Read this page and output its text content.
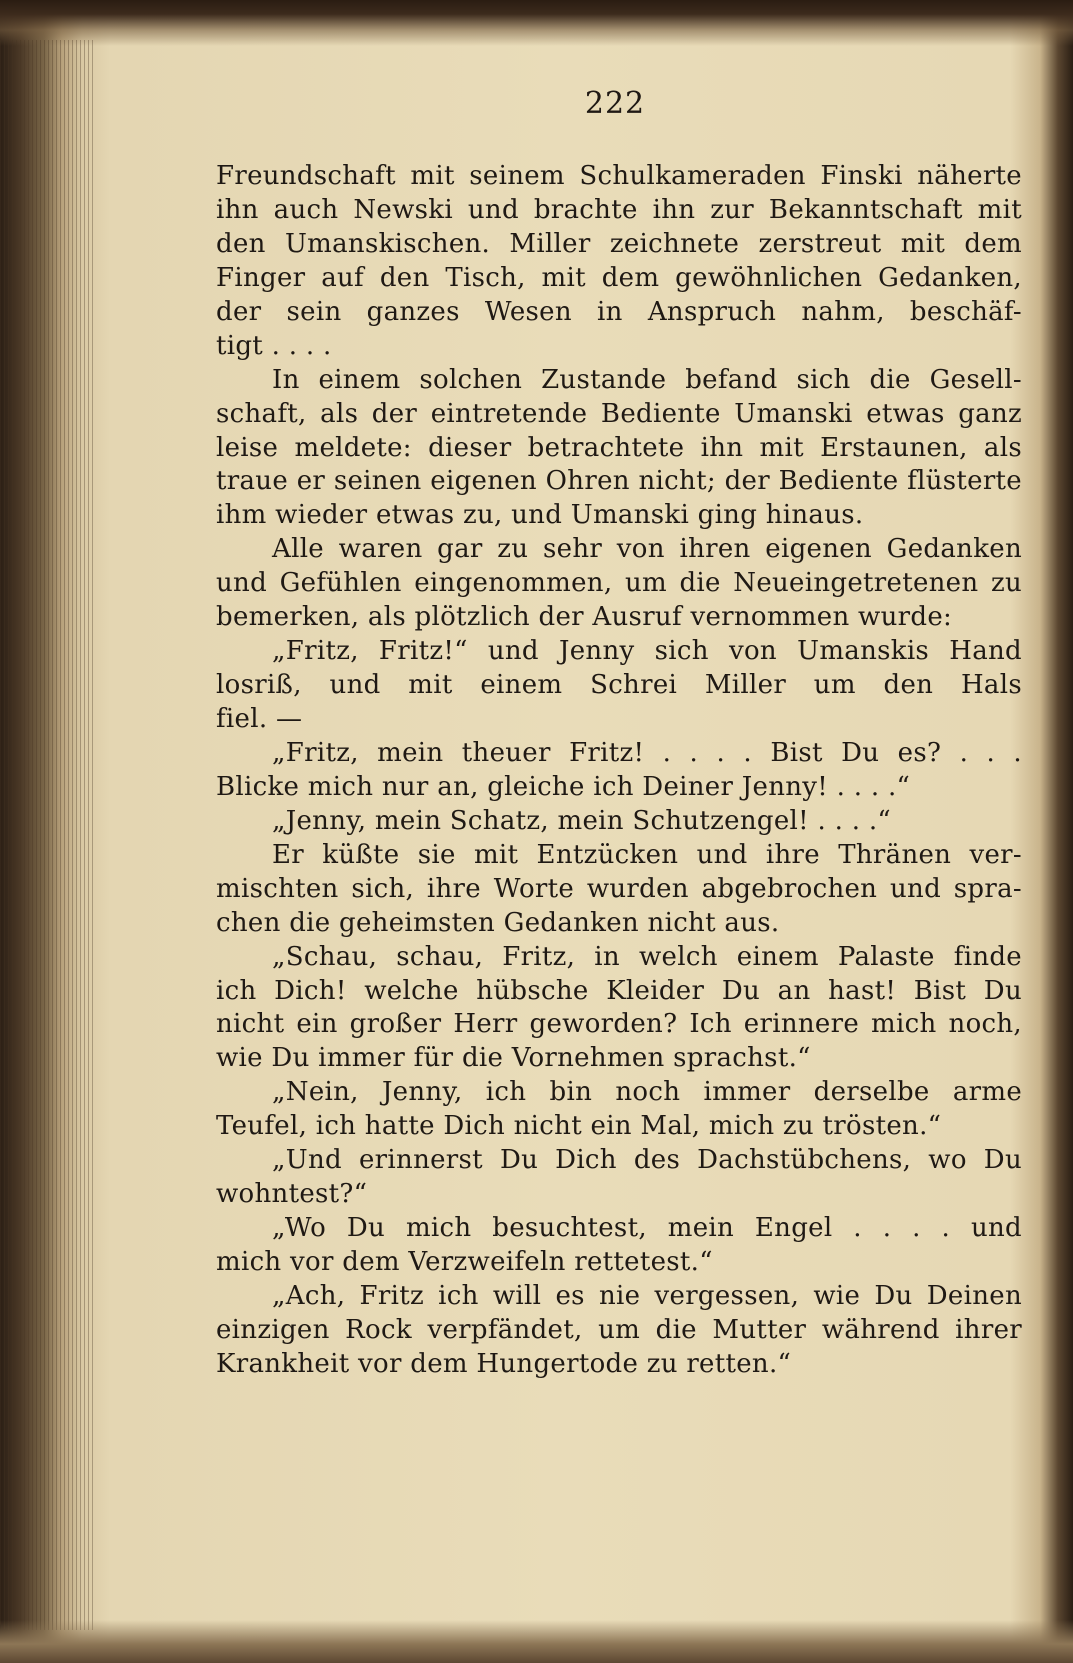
222
Freundschaft mit seinem Schulkameraden Finski näherte
ihn auch Newski und brachte ihn zur Bekanntschaft mit
den Umanskischen. Miller zeichnete zerstreut mit dem
Finger auf den Tisch, mit dem gewöhnlichen Gedanken,
der sein ganzes Wesen in Anspruch nahm, beschäf-
tigt . . . .
In einem solchen Zustande befand sich die Gesell-
schaft, als der eintretende Bediente Umanski etwas ganz
leise meldete: dieser betrachtete ihn mit Erstaunen, als
traue er seinen eigenen Ohren nicht; der Bediente flüsterte
ihm wieder etwas zu, und Umanski ging hinaus.
Alle waren gar zu sehr von ihren eigenen Gedanken
und Gefühlen eingenommen, um die Neueingetretenen zu
bemerken, als plötzlich der Ausruf vernommen wurde:
„Fritz, Fritz!“ und Jenny sich von Umanskis Hand
losriß, und mit einem Schrei Miller um den Hals
fiel. —
„Fritz, mein theuer Fritz! . . . . Bist Du es? . . .
Blicke mich nur an, gleiche ich Deiner Jenny! . . . .“
„Jenny, mein Schatz, mein Schutzengel! . . . .“
Er küßte sie mit Entzücken und ihre Thränen ver-
mischten sich, ihre Worte wurden abgebrochen und spra-
chen die geheimsten Gedanken nicht aus.
„Schau, schau, Fritz, in welch einem Palaste finde
ich Dich! welche hübsche Kleider Du an hast! Bist Du
nicht ein großer Herr geworden? Ich erinnere mich noch,
wie Du immer für die Vornehmen sprachst.“
„Nein, Jenny, ich bin noch immer derselbe arme
Teufel, ich hatte Dich nicht ein Mal, mich zu trösten.“
„Und erinnerst Du Dich des Dachstübchens, wo Du
wohntest?“
„Wo Du mich besuchtest, mein Engel . . . . und
mich vor dem Verzweifeln rettetest.“
„Ach, Fritz ich will es nie vergessen, wie Du Deinen
einzigen Rock verpfändet, um die Mutter während ihrer
Krankheit vor dem Hungertode zu retten.“
